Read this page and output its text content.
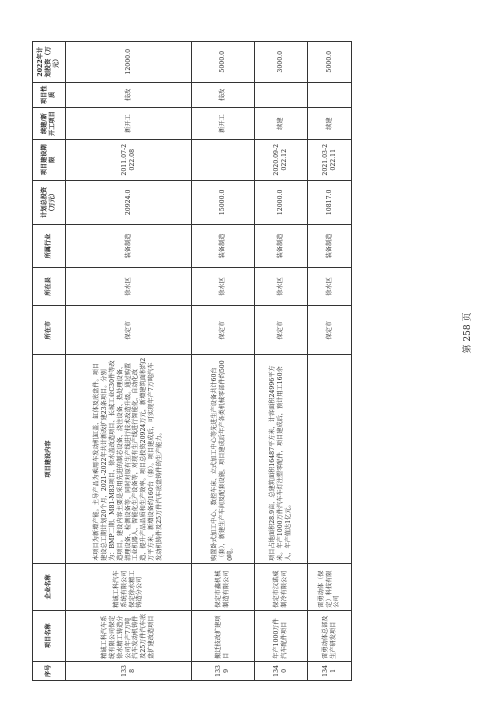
序号	项目名称	企业名称	项目建设内容	所在市	所在县	所属行业	计划总投资（万元）	项目建设期限	续建/新开工项目	项目性质	2022年计划投资（万元）
1338	精诚工科汽车系统有限公司保定徐水精工铸造分公司年产7万吨汽车发动机铸件及25万件汽车底盘扩建改造项目	精诚工科汽车系统有限公司保定徐水精工铸造分公司	本项目为新增产能。主导产品为乘用车发动机缸盖、缸体及底盘件。项目建设总工期计划20个月，2021-2022年共计新改扩建23条项目。分别为：BMP二期、M81-M83项目、徐水盖改造项目、长城工业C30件等改造项目。建设内容主要是采用先进的制芯设备、浇注设备、热处理设备、清理设备、检测设备等，同时对原有生产线进行技术改造升级。通过购置工业机器人、智能化生产设备等，对现有生产线进行智能化、自动化改造，提升产品品质和生产效率。项目总投资20924万元，新增建筑面积约2万平方米，新增设备约160台（套）。项目建成后，可实现年产7万吨汽车发动机铸件及25万件汽车底盘铸件的生产能力。	保定市	徐水区	装备制造	20924.0	2011.07-2022.08	新开工	技改	12000.0
1339	搬迁技改扩建项目	保定市鑫机械制造有限公司	购置卧式加工中心、数控车床、立式加工中心等先进生产设备共计60台（套），新建生产车间及配套设施，项目建成后年产各类机械零部件约5000吨。	保定市	徐水区	装备制造	15000.0		新开工	技改	5000.0
1340	年产1000万件汽车配件项目	保定市汉诺威制冷有限公司	项目占地面积28.9亩，总建筑面积16487平方米，计容面积24996平方米。年产1000万件汽车车灯注塑零配件，项目建成后，预计用工160余人，年产值达1亿元。	保定市	徐水区	装备制造	12000.0	2020.09-2022.12	续建		3000.0
1341	雷勇动体总部及生产研发项目	雷勇动体（保定）科技有限公司		保定市	徐水区	装备制造	10817.0	2021.03-2022.11	续建		5000.0
第 258 页
